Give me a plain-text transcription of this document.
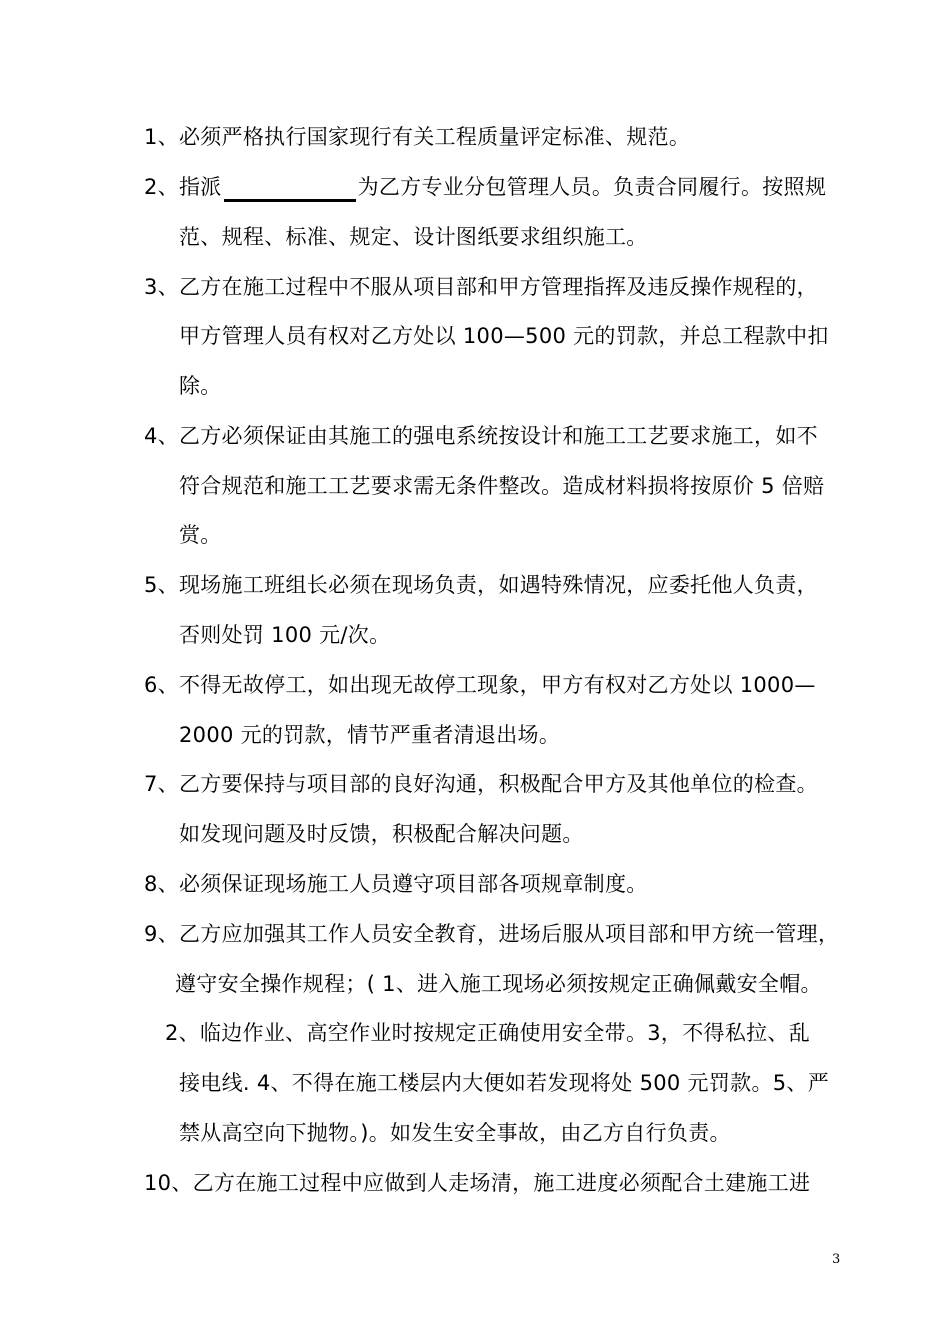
1、必须严格执行国家现行有关工程质量评定标准、规范。
2、指派	为乙方专业分包管理人员。负责合同履行。按照规
范、规程、标准、规定、设计图纸要求组织施工。
3、乙方在施工过程中不服从项目部和甲方管理指挥及违反操作规程的，
甲方管理人员有权对乙方处以 100—500 元的罚款，并总工程款中扣
除。
4、乙方必须保证由其施工的强电系统按设计和施工工艺要求施工，如不
符合规范和施工工艺要求需无条件整改。造成材料损将按原价 5 倍赔
赏。
5、现场施工班组长必须在现场负责，如遇特殊情况，应委托他人负责，
否则处罚 100 元/次。
6、不得无故停工，如出现无故停工现象，甲方有权对乙方处以 1000—
2000 元的罚款，情节严重者清退出场。
7、乙方要保持与项目部的良好沟通，积极配合甲方及其他单位的检查。
如发现问题及时反馈，积极配合解决问题。
8、必须保证现场施工人员遵守项目部各项规章制度。
9、乙方应加强其工作人员安全教育，进场后服从项目部和甲方统一管理，
遵守安全操作规程；( 1、进入施工现场必须按规定正确佩戴安全帽。
2、临边作业、高空作业时按规定正确使用安全带。3，不得私拉、乱
接电线. 4、不得在施工楼层内大便如若发现将处 500 元罚款。5、严
禁从高空向下抛物。)。如发生安全事故，由乙方自行负责。
10、乙方在施工过程中应做到人走场清，施工进度必须配合土建施工进
3
